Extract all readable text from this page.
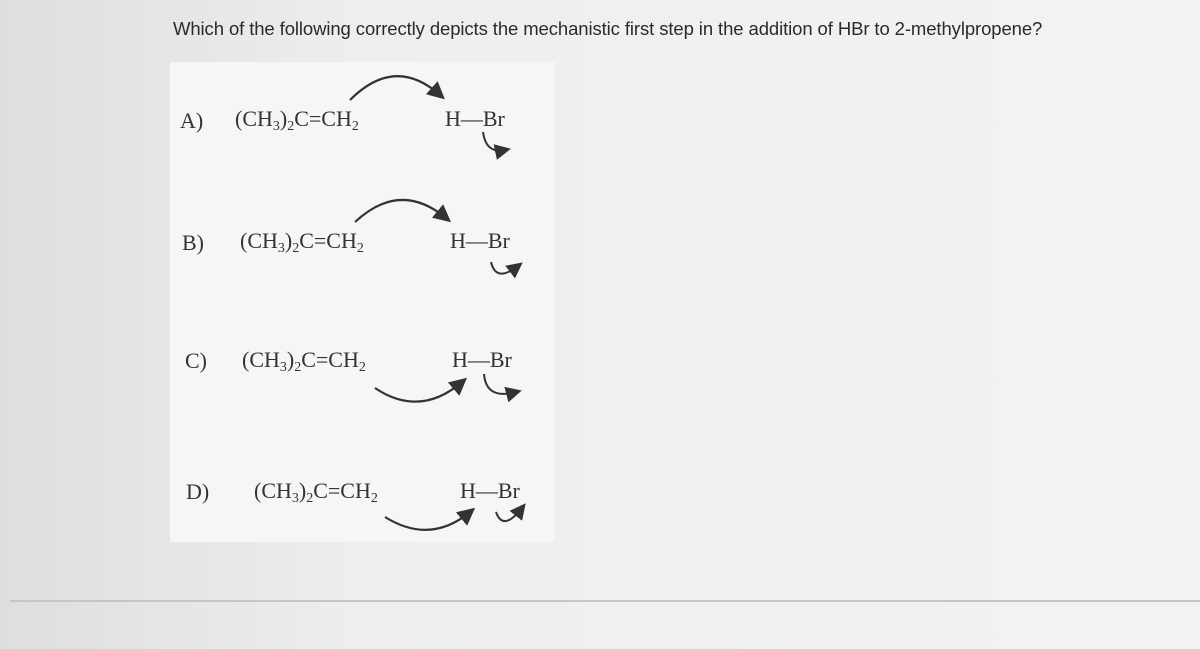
Which of the following correctly depicts the mechanistic first step in the addition of HBr to 2-methylpropene?
A) $(CH_3)_2C=CH_2$	H—Br
B) $(CH_3)_2C=CH_2$	H—Br
C) $(CH_3)_2C=CH_2$	H—Br
D) $(CH_3)_2C=CH_2$	H—Br
